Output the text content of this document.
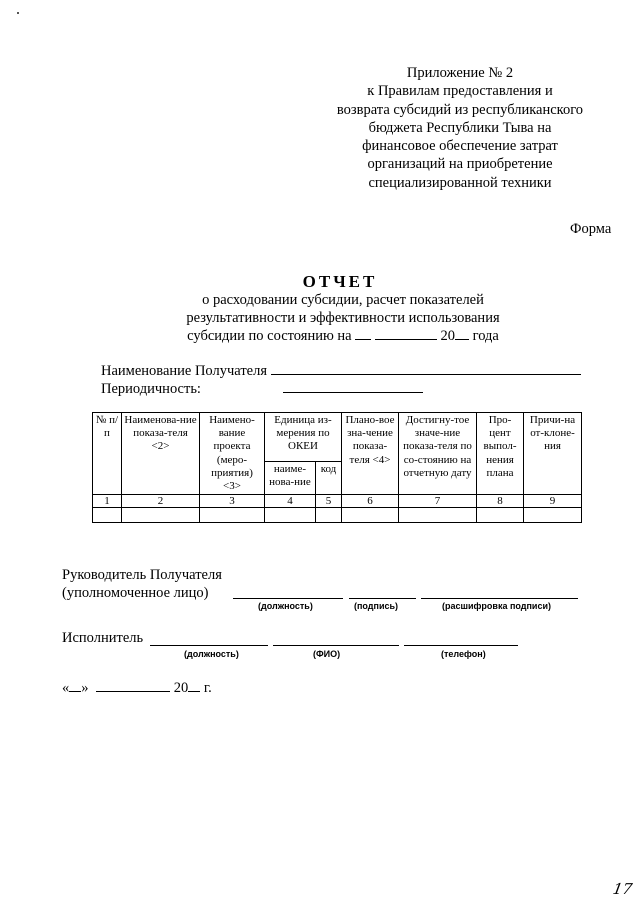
Приложение № 2
к Правилам предоставления и
возврата субсидий из республиканского
бюджета Республики Тыва на
финансовое обеспечение затрат
организаций на приобретение
специализированной техники
Форма
ОТЧЕТ
о расходовании субсидии, расчет показателей
результативности и эффективности использования
субсидии по состоянию на	20 года
Наименование Получателя
Периодичность:
№ п/п	Наименова-ние показа-теля <2>	Наимено-вание проекта (меро-приятия) <3>	Единица из-мерения по ОКЕИ		Плано-вое зна-чение показа-теля <4>	Достигну-тое значе-ние показа-теля по со-стоянию на отчетную дату	Про-цент выпол-нения плана	Причи-на от-клоне-ния
			наиме-нова-ние	код				
1	2	3	4	5	6	7	8	9

Руководитель Получателя
(уполномоченное лицо)
(должность)	(подпись)	(расшифровка подписи)
Исполнитель
(должность)	(ФИО)	(телефон)
« »	20 г.
17
